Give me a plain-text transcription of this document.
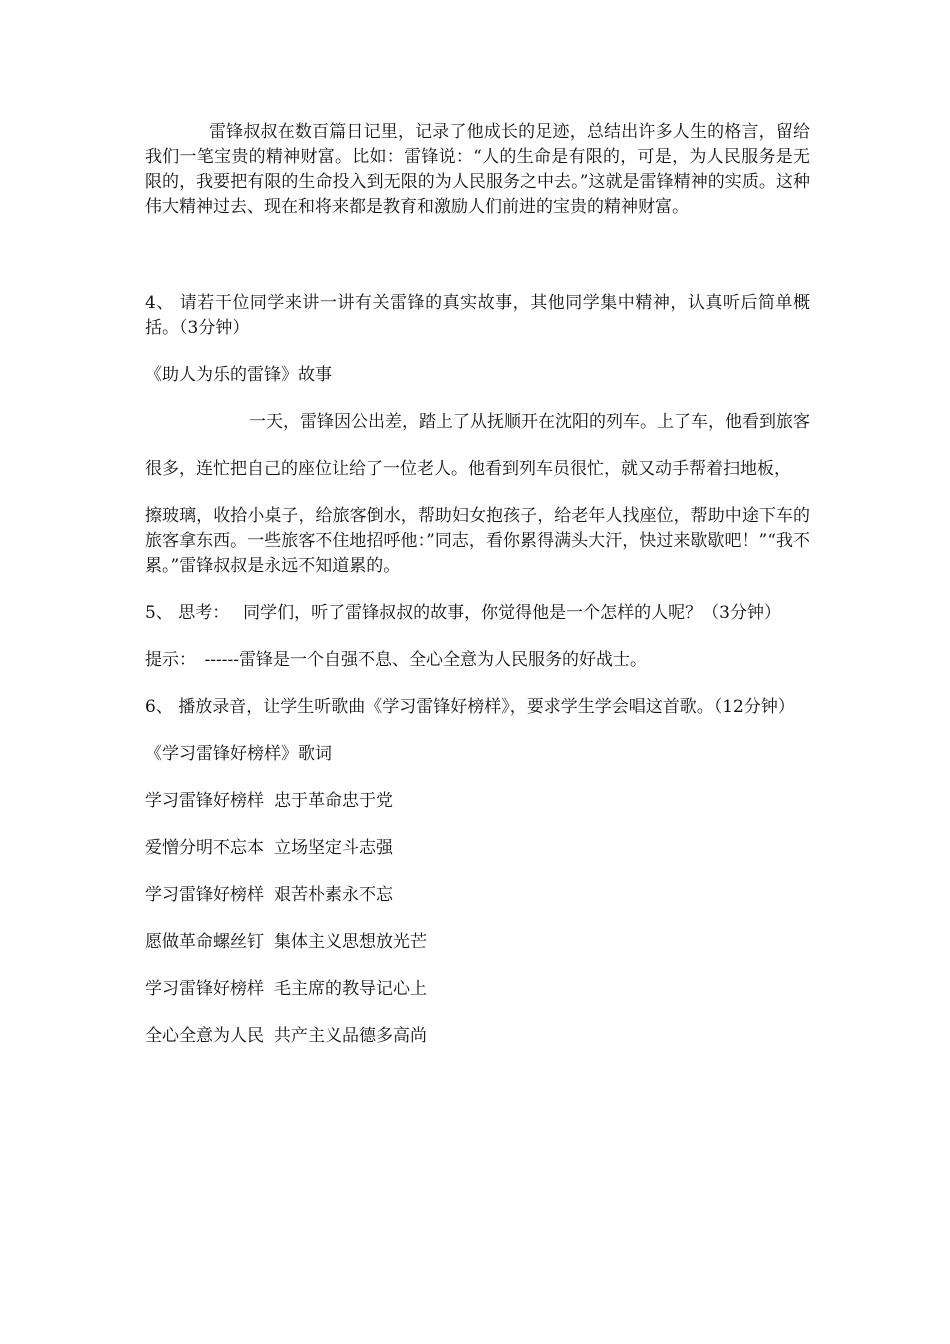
雷锋叔叔在数百篇日记里，记录了他成长的足迹，总结出许多人生的格言，留给我们一笔宝贵的精神财富。比如：雷锋说：“人的生命是有限的，可是，为人民服务是无限的，我要把有限的生命投入到无限的为人民服务之中去。”这就是雷锋精神的实质。这种伟大精神过去、现在和将来都是教育和激励人们前进的宝贵的精神财富。

4、 请若干位同学来讲一讲有关雷锋的真实故事，其他同学集中精神，认真听后简单概括。（3分钟）

《助人为乐的雷锋》故事

一天，雷锋因公出差，踏上了从抚顺开在沈阳的列车。上了车，他看到旅客

很多，连忙把自己的座位让给了一位老人。他看到列车员很忙，就又动手帮着扫地板，

擦玻璃，收拾小桌子，给旅客倒水，帮助妇女抱孩子，给老年人找座位，帮助中途下车的旅客拿东西。一些旅客不住地招呼他：”同志，看你累得满头大汗，快过来歇歇吧！”“我不累。”雷锋叔叔是永远不知道累的。

5、 思考：　 同学们，听了雷锋叔叔的故事，你觉得他是一个怎样的人呢？（3分钟）

提示：　------雷锋是一个自强不息、全心全意为人民服务的好战士。

6、 播放录音，让学生听歌曲《学习雷锋好榜样》，要求学生学会唱这首歌。（12分钟）

《学习雷锋好榜样》歌词

学习雷锋好榜样 忠于革命忠于党

爱憎分明不忘本 立场坚定斗志强

学习雷锋好榜样 艰苦朴素永不忘

愿做革命螺丝钉 集体主义思想放光芒

学习雷锋好榜样 毛主席的教导记心上

全心全意为人民 共产主义品德多高尚
